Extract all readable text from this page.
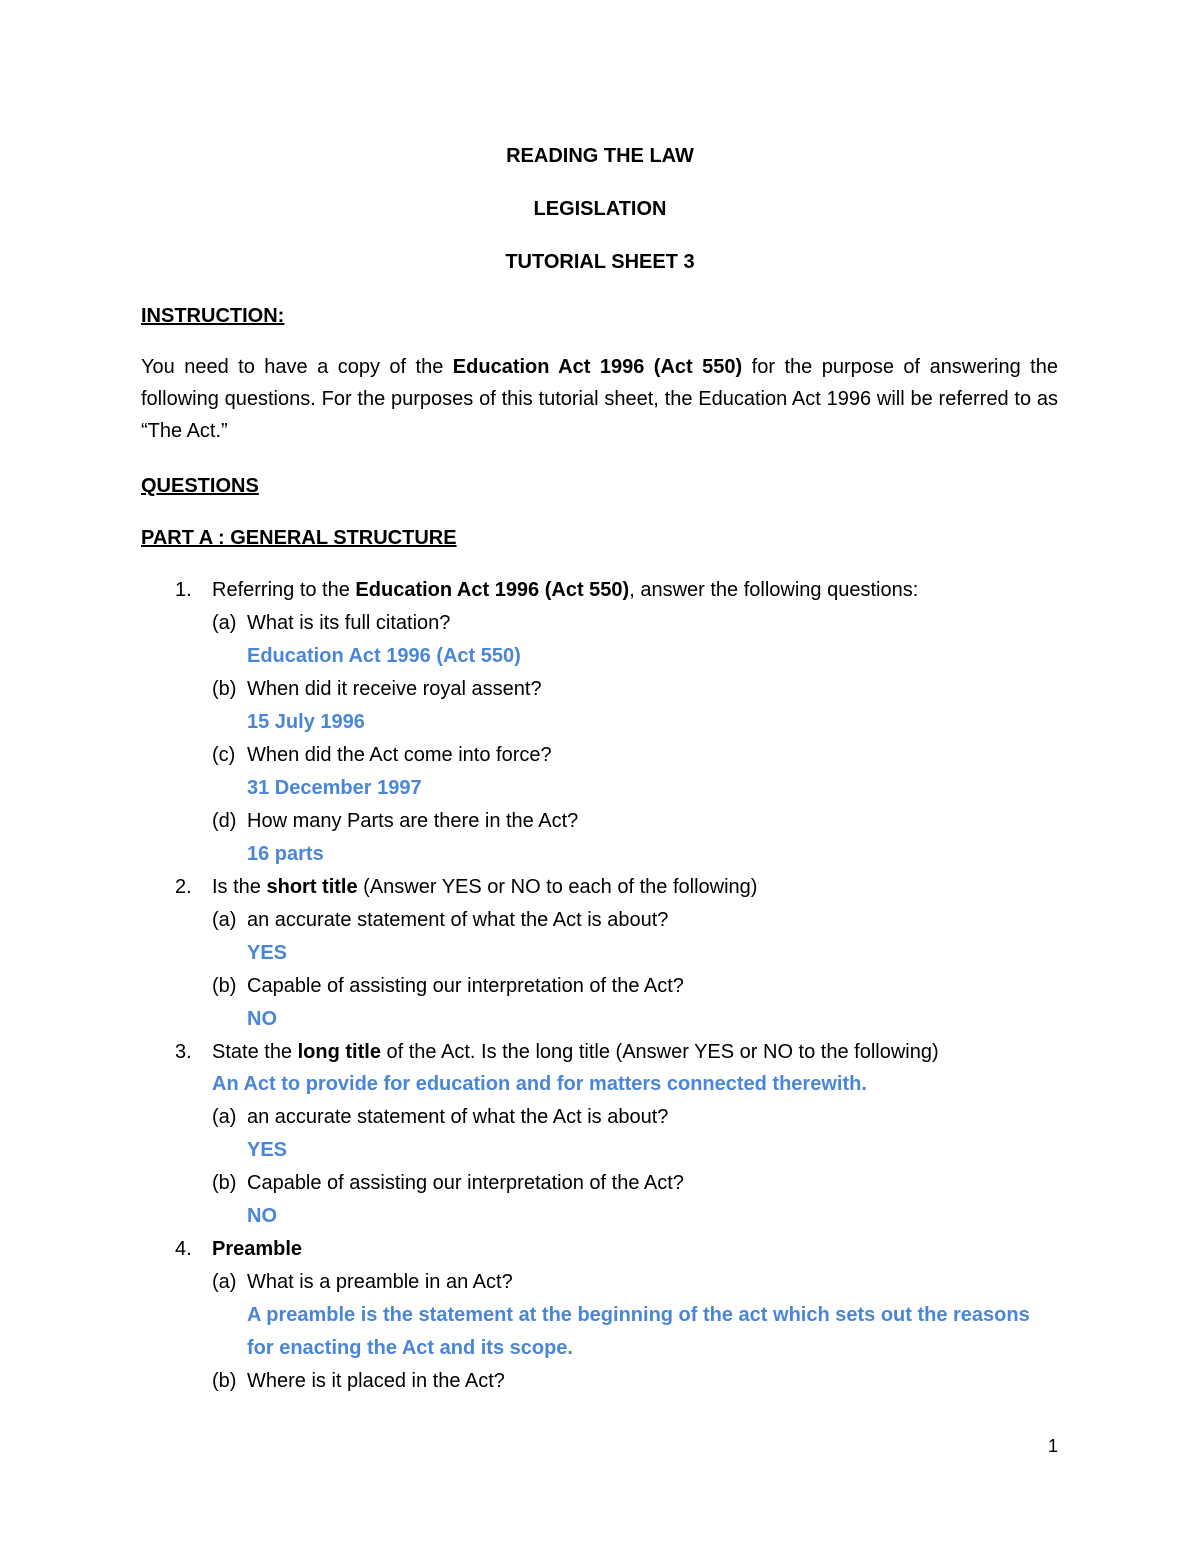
READING THE LAW
LEGISLATION
TUTORIAL SHEET 3
INSTRUCTION:
You need to have a copy of the Education Act 1996 (Act 550) for the purpose of answering the following questions. For the purposes of this tutorial sheet, the Education Act 1996 will be referred to as “The Act.”
QUESTIONS
PART A : GENERAL STRUCTURE
1. Referring to the Education Act 1996 (Act 550), answer the following questions:
(a) What is its full citation?
Education Act 1996 (Act 550)
(b) When did it receive royal assent?
15 July 1996
(c) When did the Act come into force?
31 December 1997
(d) How many Parts are there in the Act?
16 parts
2. Is the short title (Answer YES or NO to each of the following)
(a) an accurate statement of what the Act is about?
YES
(b) Capable of assisting our interpretation of the Act?
NO
3. State the long title of the Act. Is the long title (Answer YES or NO to the following)
An Act to provide for education and for matters connected therewith.
(a) an accurate statement of what the Act is about?
YES
(b) Capable of assisting our interpretation of the Act?
NO
4. Preamble
(a) What is a preamble in an Act?
A preamble is the statement at the beginning of the act which sets out the reasons
for enacting the Act and its scope.
(b) Where is it placed in the Act?
1
